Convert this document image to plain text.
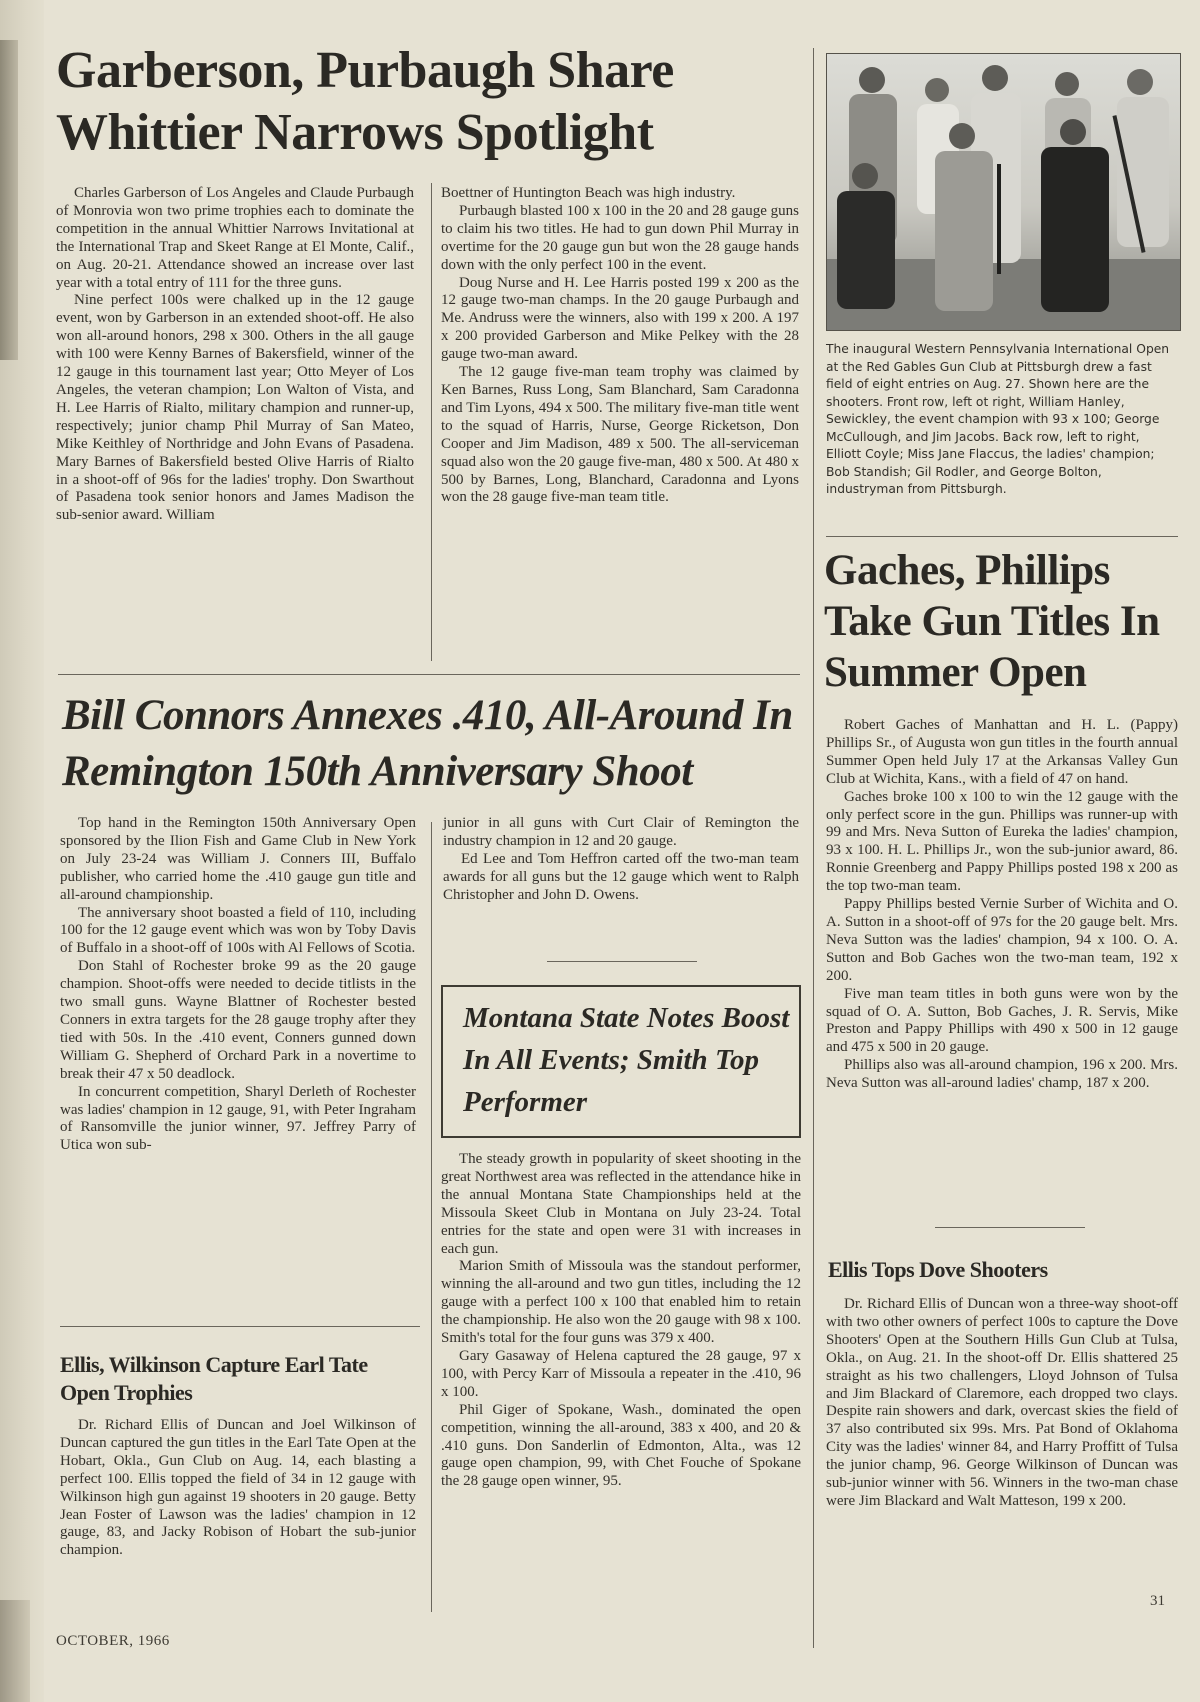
Garberson, Purbaugh Share Whittier Narrows Spotlight

Charles Garberson of Los Angeles and Claude Purbaugh of Monrovia won two prime trophies each to dominate the competition in the annual Whittier Narrows Invitational at the International Trap and Skeet Range at El Monte, Calif., on Aug. 20-21. Attendance showed an increase over last year with a total entry of 111 for the three guns.

Nine perfect 100s were chalked up in the 12 gauge event, won by Garberson in an extended shoot-off. He also won all-around honors, 298 x 300. Others in the all gauge with 100 were Kenny Barnes of Bakersfield, winner of the 12 gauge in this tournament last year; Otto Meyer of Los Angeles, the veteran champion; Lon Walton of Vista, and H. Lee Harris of Rialto, military champion and runner-up, respectively; junior champ Phil Murray of San Mateo, Mike Keithley of Northridge and John Evans of Pasadena. Mary Barnes of Bakersfield bested Olive Harris of Rialto in a shoot-off of 96s for the ladies' trophy. Don Swarthout of Pasadena took senior honors and James Madison the sub-senior award. William

Boettner of Huntington Beach was high industry.

Purbaugh blasted 100 x 100 in the 20 and 28 gauge guns to claim his two titles. He had to gun down Phil Murray in overtime for the 20 gauge gun but won the 28 gauge hands down with the only perfect 100 in the event.

Doug Nurse and H. Lee Harris posted 199 x 200 as the 12 gauge two-man champs. In the 20 gauge Purbaugh and Me. Andruss were the winners, also with 199 x 200. A 197 x 200 provided Garberson and Mike Pelkey with the 28 gauge two-man award.

The 12 gauge five-man team trophy was claimed by Ken Barnes, Russ Long, Sam Blanchard, Sam Caradonna and Tim Lyons, 494 x 500. The military five-man title went to the squad of Harris, Nurse, George Ricketson, Don Cooper and Jim Madison, 489 x 500. The all-serviceman squad also won the 20 gauge five-man, 480 x 500. At 480 x 500 by Barnes, Long, Blanchard, Caradonna and Lyons won the 28 gauge five-man team title.

The inaugural Western Pennsylvania International Open at the Red Gables Gun Club at Pittsburgh drew a fast field of eight entries on Aug. 27. Shown here are the shooters. Front row, left ot right, William Hanley, Sewickley, the event champion with 93 x 100; George McCullough, and Jim Jacobs. Back row, left to right, Elliott Coyle; Miss Jane Flaccus, the ladies' champion; Bob Standish; Gil Rodler, and George Bolton, industryman from Pittsburgh.

Gaches, Phillips Take Gun Titles In Summer Open

Robert Gaches of Manhattan and H. L. (Pappy) Phillips Sr., of Augusta won gun titles in the fourth annual Summer Open held July 17 at the Arkansas Valley Gun Club at Wichita, Kans., with a field of 47 on hand.

Gaches broke 100 x 100 to win the 12 gauge with the only perfect score in the gun. Phillips was runner-up with 99 and Mrs. Neva Sutton of Eureka the ladies' champion, 93 x 100. H. L. Phillips Jr., won the sub-junior award, 86. Ronnie Greenberg and Pappy Phillips posted 198 x 200 as the top two-man team.

Pappy Phillips bested Vernie Surber of Wichita and O. A. Sutton in a shoot-off of 97s for the 20 gauge belt. Mrs. Neva Sutton was the ladies' champion, 94 x 100. O. A. Sutton and Bob Gaches won the two-man team, 192 x 200.

Five man team titles in both guns were won by the squad of O. A. Sutton, Bob Gaches, J. R. Servis, Mike Preston and Pappy Phillips with 490 x 500 in 12 gauge and 475 x 500 in 20 gauge.

Phillips also was all-around champion, 196 x 200. Mrs. Neva Sutton was all-around ladies' champ, 187 x 200.

Ellis Tops Dove Shooters

Dr. Richard Ellis of Duncan won a three-way shoot-off with two other owners of perfect 100s to capture the Dove Shooters' Open at the Southern Hills Gun Club at Tulsa, Okla., on Aug. 21. In the shoot-off Dr. Ellis shattered 25 straight as his two challengers, Lloyd Johnson of Tulsa and Jim Blackard of Claremore, each dropped two clays. Despite rain showers and dark, overcast skies the field of 37 also contributed six 99s. Mrs. Pat Bond of Oklahoma City was the ladies' winner 84, and Harry Proffitt of Tulsa the junior champ, 96. George Wilkinson of Duncan was sub-junior winner with 56. Winners in the two-man chase were Jim Blackard and Walt Matteson, 199 x 200.

Bill Connors Annexes .410, All-Around In Remington 150th Anniversary Shoot

Top hand in the Remington 150th Anniversary Open sponsored by the Ilion Fish and Game Club in New York on July 23-24 was William J. Conners III, Buffalo publisher, who carried home the .410 gauge gun title and all-around championship.

The anniversary shoot boasted a field of 110, including 100 for the 12 gauge event which was won by Toby Davis of Buffalo in a shoot-off of 100s with Al Fellows of Scotia.

Don Stahl of Rochester broke 99 as the 20 gauge champion. Shoot-offs were needed to decide titlists in the two small guns. Wayne Blattner of Rochester bested Conners in extra targets for the 28 gauge trophy after they tied with 50s. In the .410 event, Conners gunned down William G. Shepherd of Orchard Park in a novertime to break their 47 x 50 deadlock.

In concurrent competition, Sharyl Derleth of Rochester was ladies' champion in 12 gauge, 91, with Peter Ingraham of Ransomville the junior winner, 97. Jeffrey Parry of Utica won sub-

junior in all guns with Curt Clair of Remington the industry champion in 12 and 20 gauge.

Ed Lee and Tom Heffron carted off the two-man team awards for all guns but the 12 gauge which went to Ralph Christopher and John D. Owens.

Ellis, Wilkinson Capture Earl Tate Open Trophies

Dr. Richard Ellis of Duncan and Joel Wilkinson of Duncan captured the gun titles in the Earl Tate Open at the Hobart, Okla., Gun Club on Aug. 14, each blasting a perfect 100. Ellis topped the field of 34 in 12 gauge with Wilkinson high gun against 19 shooters in 20 gauge. Betty Jean Foster of Lawson was the ladies' champion in 12 gauge, 83, and Jacky Robison of Hobart the sub-junior champion.

Montana State Notes Boost In All Events; Smith Top Performer

The steady growth in popularity of skeet shooting in the great Northwest area was reflected in the attendance hike in the annual Montana State Championships held at the Missoula Skeet Club in Montana on July 23-24. Total entries for the state and open were 31 with increases in each gun.

Marion Smith of Missoula was the standout performer, winning the all-around and two gun titles, including the 12 gauge with a perfect 100 x 100 that enabled him to retain the championship. He also won the 20 gauge with 98 x 100. Smith's total for the four guns was 379 x 400.

Gary Gasaway of Helena captured the 28 gauge, 97 x 100, with Percy Karr of Missoula a repeater in the .410, 96 x 100.

Phil Giger of Spokane, Wash., dominated the open competition, winning the all-around, 383 x 400, and 20 & .410 guns. Don Sanderlin of Edmonton, Alta., was 12 gauge open champion, 99, with Chet Fouche of Spokane the 28 gauge open winner, 95.

OCTOBER, 1966
31
